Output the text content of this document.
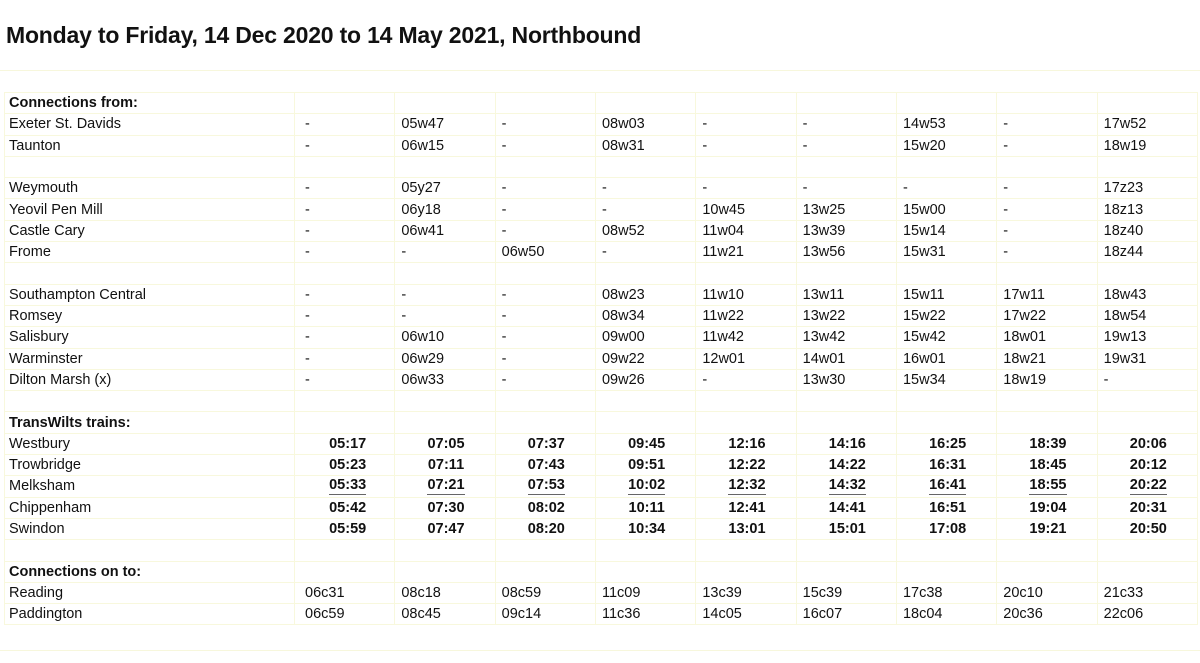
Monday to Friday, 14 Dec 2020 to 14 May 2021, Northbound
Connections from:									
Exeter St. Davids	-	05w47	-	08w03	-	-	14w53	-	17w52
Taunton	-	06w15	-	08w31	-	-	15w20	-	18w19

Weymouth	-	05y27	-	-	-	-	-	-	17z23
Yeovil Pen Mill	-	06y18	-	-	10w45	13w25	15w00	-	18z13
Castle Cary	-	06w41	-	08w52	11w04	13w39	15w14	-	18z40
Frome	-	-	06w50	-	11w21	13w56	15w31	-	18z44

Southampton Central	-	-	-	08w23	11w10	13w11	15w11	17w11	18w43
Romsey	-	-	-	08w34	11w22	13w22	15w22	17w22	18w54
Salisbury	-	06w10	-	09w00	11w42	13w42	15w42	18w01	19w13
Warminster	-	06w29	-	09w22	12w01	14w01	16w01	18w21	19w31
Dilton Marsh (x)	-	06w33	-	09w26	-	13w30	15w34	18w19	-

TransWilts trains:									
Westbury	05:17	07:05	07:37	09:45	12:16	14:16	16:25	18:39	20:06
Trowbridge	05:23	07:11	07:43	09:51	12:22	14:22	16:31	18:45	20:12
Melksham	05:33	07:21	07:53	10:02	12:32	14:32	16:41	18:55	20:22
Chippenham	05:42	07:30	08:02	10:11	12:41	14:41	16:51	19:04	20:31
Swindon	05:59	07:47	08:20	10:34	13:01	15:01	17:08	19:21	20:50

Connections on to:									
Reading	06c31	08c18	08c59	11c09	13c39	15c39	17c38	20c10	21c33
Paddington	06c59	08c45	09c14	11c36	14c05	16c07	18c04	20c36	22c06
